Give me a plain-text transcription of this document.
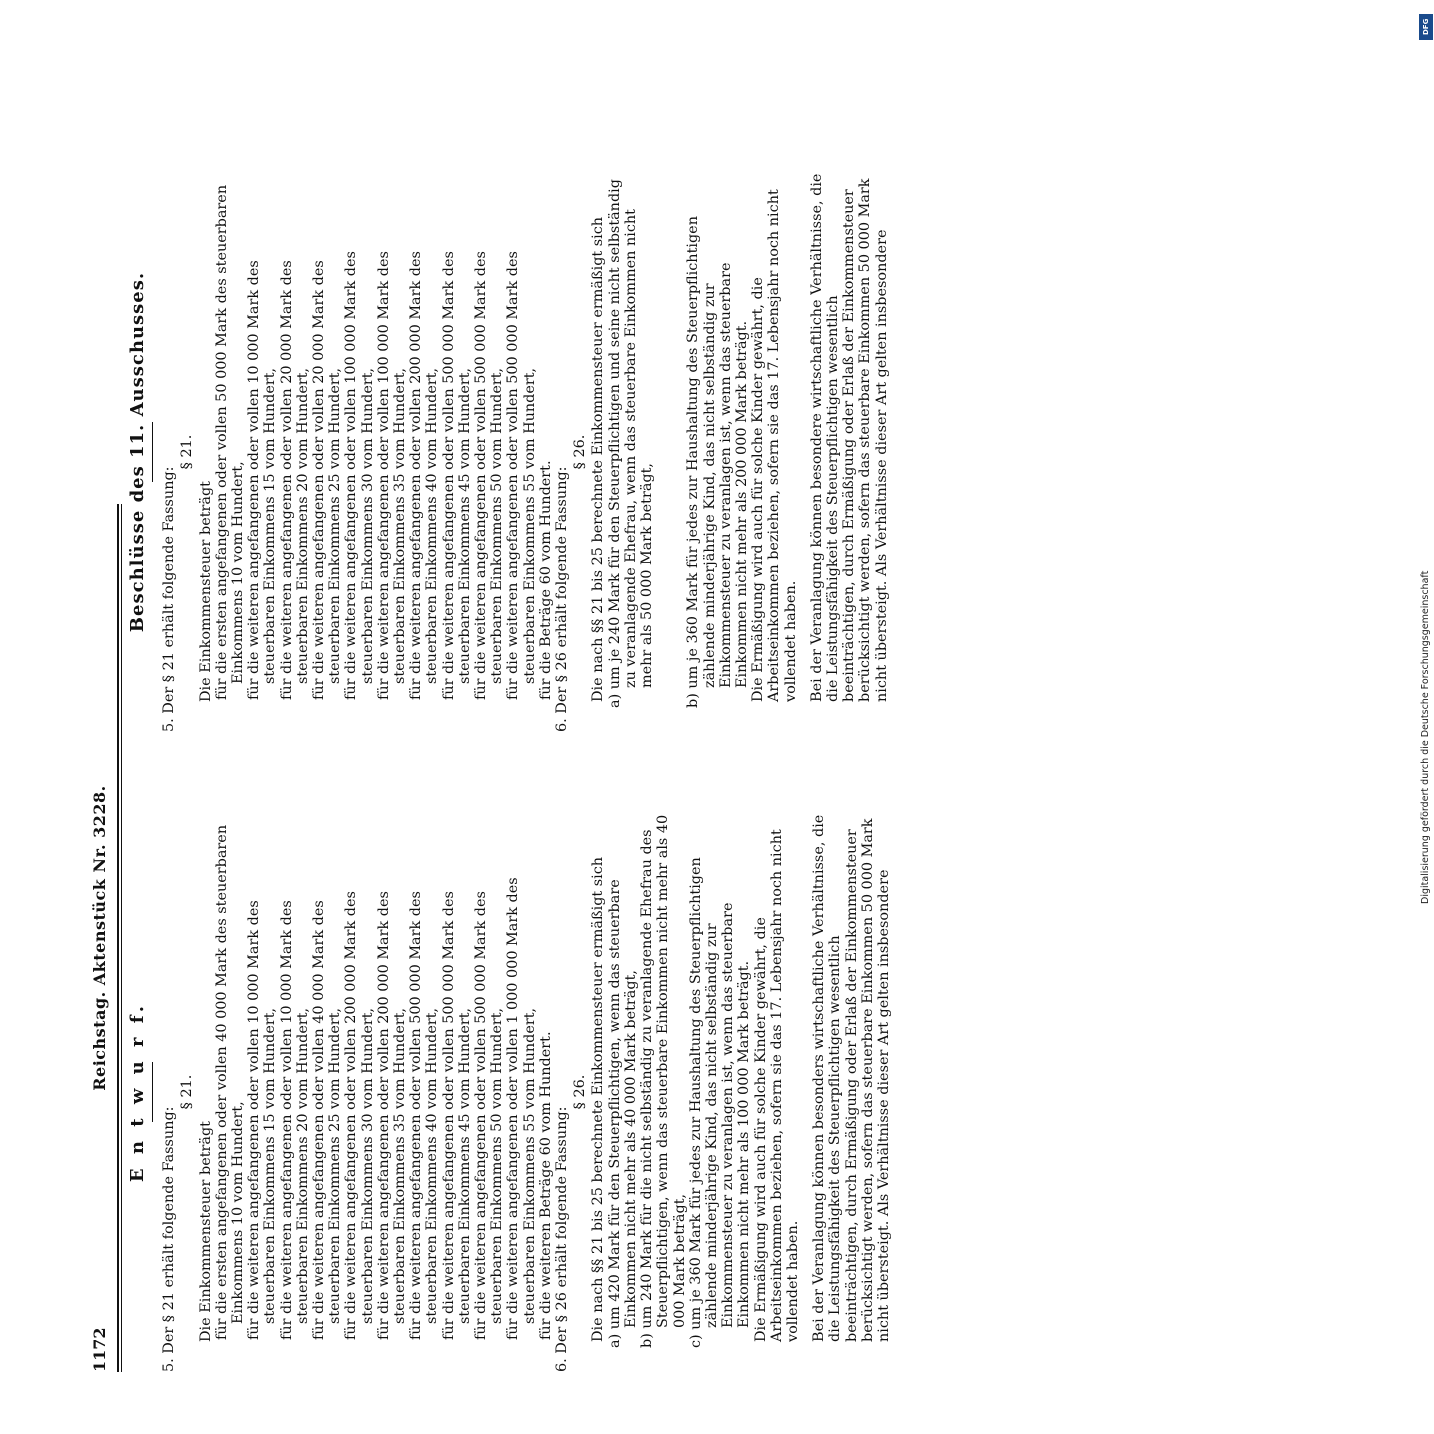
1172
Reichstag. Aktenstück Nr. 3228.
E n t w u r f.

5. Der § 21 erhält folgende Fassung:

§ 21.

Die Einkommensteuer beträgt für die ersten angefangenen oder vollen 40 000 Mark des steuerbaren Einkommens 10 vom Hundert, für die weiteren angefangenen oder vollen 10 000 Mark des steuerbaren Einkommens 15 vom Hundert, für die weiteren angefangenen oder vollen 10 000 Mark des steuerbaren Einkommens 20 vom Hundert, für die weiteren angefangenen oder vollen 40 000 Mark des steuerbaren Einkommens 25 vom Hundert, für die weiteren angefangenen oder vollen 200 000 Mark des steuerbaren Einkommens 30 vom Hundert, für die weiteren angefangenen oder vollen 200 000 Mark des steuerbaren Einkommens 35 vom Hundert, für die weiteren angefangenen oder vollen 500 000 Mark des steuerbaren Einkommens 40 vom Hundert, für die weiteren angefangenen oder vollen 500 000 Mark des steuerbaren Einkommens 45 vom Hundert, für die weiteren angefangenen oder vollen 500 000 Mark des steuerbaren Einkommens 50 vom Hundert, für die weiteren angefangenen oder vollen 1 000 000 Mark des steuerbaren Einkommens 55 vom Hundert, für die weiteren Beträge 60 vom Hundert. 6. Der § 26 erhält folgende Fassung:

§ 26. Die nach §§ 21 bis 25 berechnete Einkommensteuer ermäßigt sich a) um 420 Mark für den Steuerpflichtigen, wenn das steuerbare Einkommen nicht mehr als 40 000 Mark beträgt, b) um 240 Mark für die nicht selbständig zu veranlagende Ehefrau des Steuerpflichtigen, wenn das steuerbare Einkommen nicht mehr als 40 000 Mark beträgt, c) um je 360 Mark für jedes zur Haushaltung des Steuerpflichtigen zählende minderjährige Kind, das nicht selbständig zur Einkommensteuer zu veranlagen ist, wenn das steuerbare Einkommen nicht mehr als 100 000 Mark beträgt. Die Ermäßigung wird auch für solche Kinder gewährt, die Arbeitseinkommen beziehen, sofern sie das 17. Lebensjahr noch nicht vollendet haben. Bei der Veranlagung können besonders wirtschaftliche Verhältnisse, die die Leistungsfähigkeit des Steuerpflichtigen wesentlich beeinträchtigen, durch Ermäßigung oder Erlaß der Einkommensteuer berücksichtigt werden, sofern das steuerbare Einkommen 50 000 Mark nicht übersteigt. Als Verhältnisse dieser Art gelten insbesondere

Beschlüsse des 11. Ausschusses. 5. Der § 21 erhält folgende Fassung:

§ 21.

Die Einkommensteuer beträgt für die ersten angefangenen oder vollen 50 000 Mark des steuerbaren Einkommens 10 vom Hundert, für die weiteren angefangenen oder vollen 10 000 Mark des steuerbaren Einkommens 15 vom Hundert, für die weiteren angefangenen oder vollen 20 000 Mark des steuerbaren Einkommens 20 vom Hundert, für die weiteren angefangenen oder vollen 20 000 Mark des steuerbaren Einkommens 25 vom Hundert, für die weiteren angefangenen oder vollen 100 000 Mark des steuerbaren Einkommens 30 vom Hundert, für die weiteren angefangenen oder vollen 100 000 Mark des steuerbaren Einkommens 35 vom Hundert, für die weiteren angefangenen oder vollen 200 000 Mark des steuerbaren Einkommens 40 vom Hundert, für die weiteren angefangenen oder vollen 500 000 Mark des steuerbaren Einkommens 45 vom Hundert, für die weiteren angefangenen oder vollen 500 000 Mark des steuerbaren Einkommens 50 vom Hundert, für die weiteren angefangenen oder vollen 500 000 Mark des steuerbaren Einkommens 55 vom Hundert, für die Beträge 60 vom Hundert. 6. Der § 26 erhält folgende Fassung:

§ 26. Die nach §§ 21 bis 25 berechnete Einkommensteuer ermäßigt sich a) um je 240 Mark für den Steuerpflichtigen und seine nicht selbständig zu veranlagende Ehefrau, wenn das steuerbare Einkommen nicht mehr als 50 000 Mark beträgt, b) um je 360 Mark für jedes zur Haushaltung des Steuerpflichtigen zählende minderjährige Kind, das nicht selbständig zur Einkommensteuer zu veranlagen ist, wenn das steuerbare Einkommen nicht mehr als 200 000 Mark beträgt. Die Ermäßigung wird auch für solche Kinder gewährt, die Arbeitseinkommen beziehen, sofern sie das 17. Lebensjahr noch nicht vollendet haben. Bei der Veranlagung können besondere wirtschaftliche Verhältnisse, die die Leistungsfähigkeit des Steuerpflichtigen wesentlich beeinträchtigen, durch Ermäßigung oder Erlaß der Einkommensteuer berücksichtigt werden, sofern das steuerbare Einkommen 50 000 Mark nicht übersteigt. Als Verhältnisse dieser Art gelten insbesondere

DFG
Digitalisierung gefördert durch die Deutsche Forschungsgemeinschaft
